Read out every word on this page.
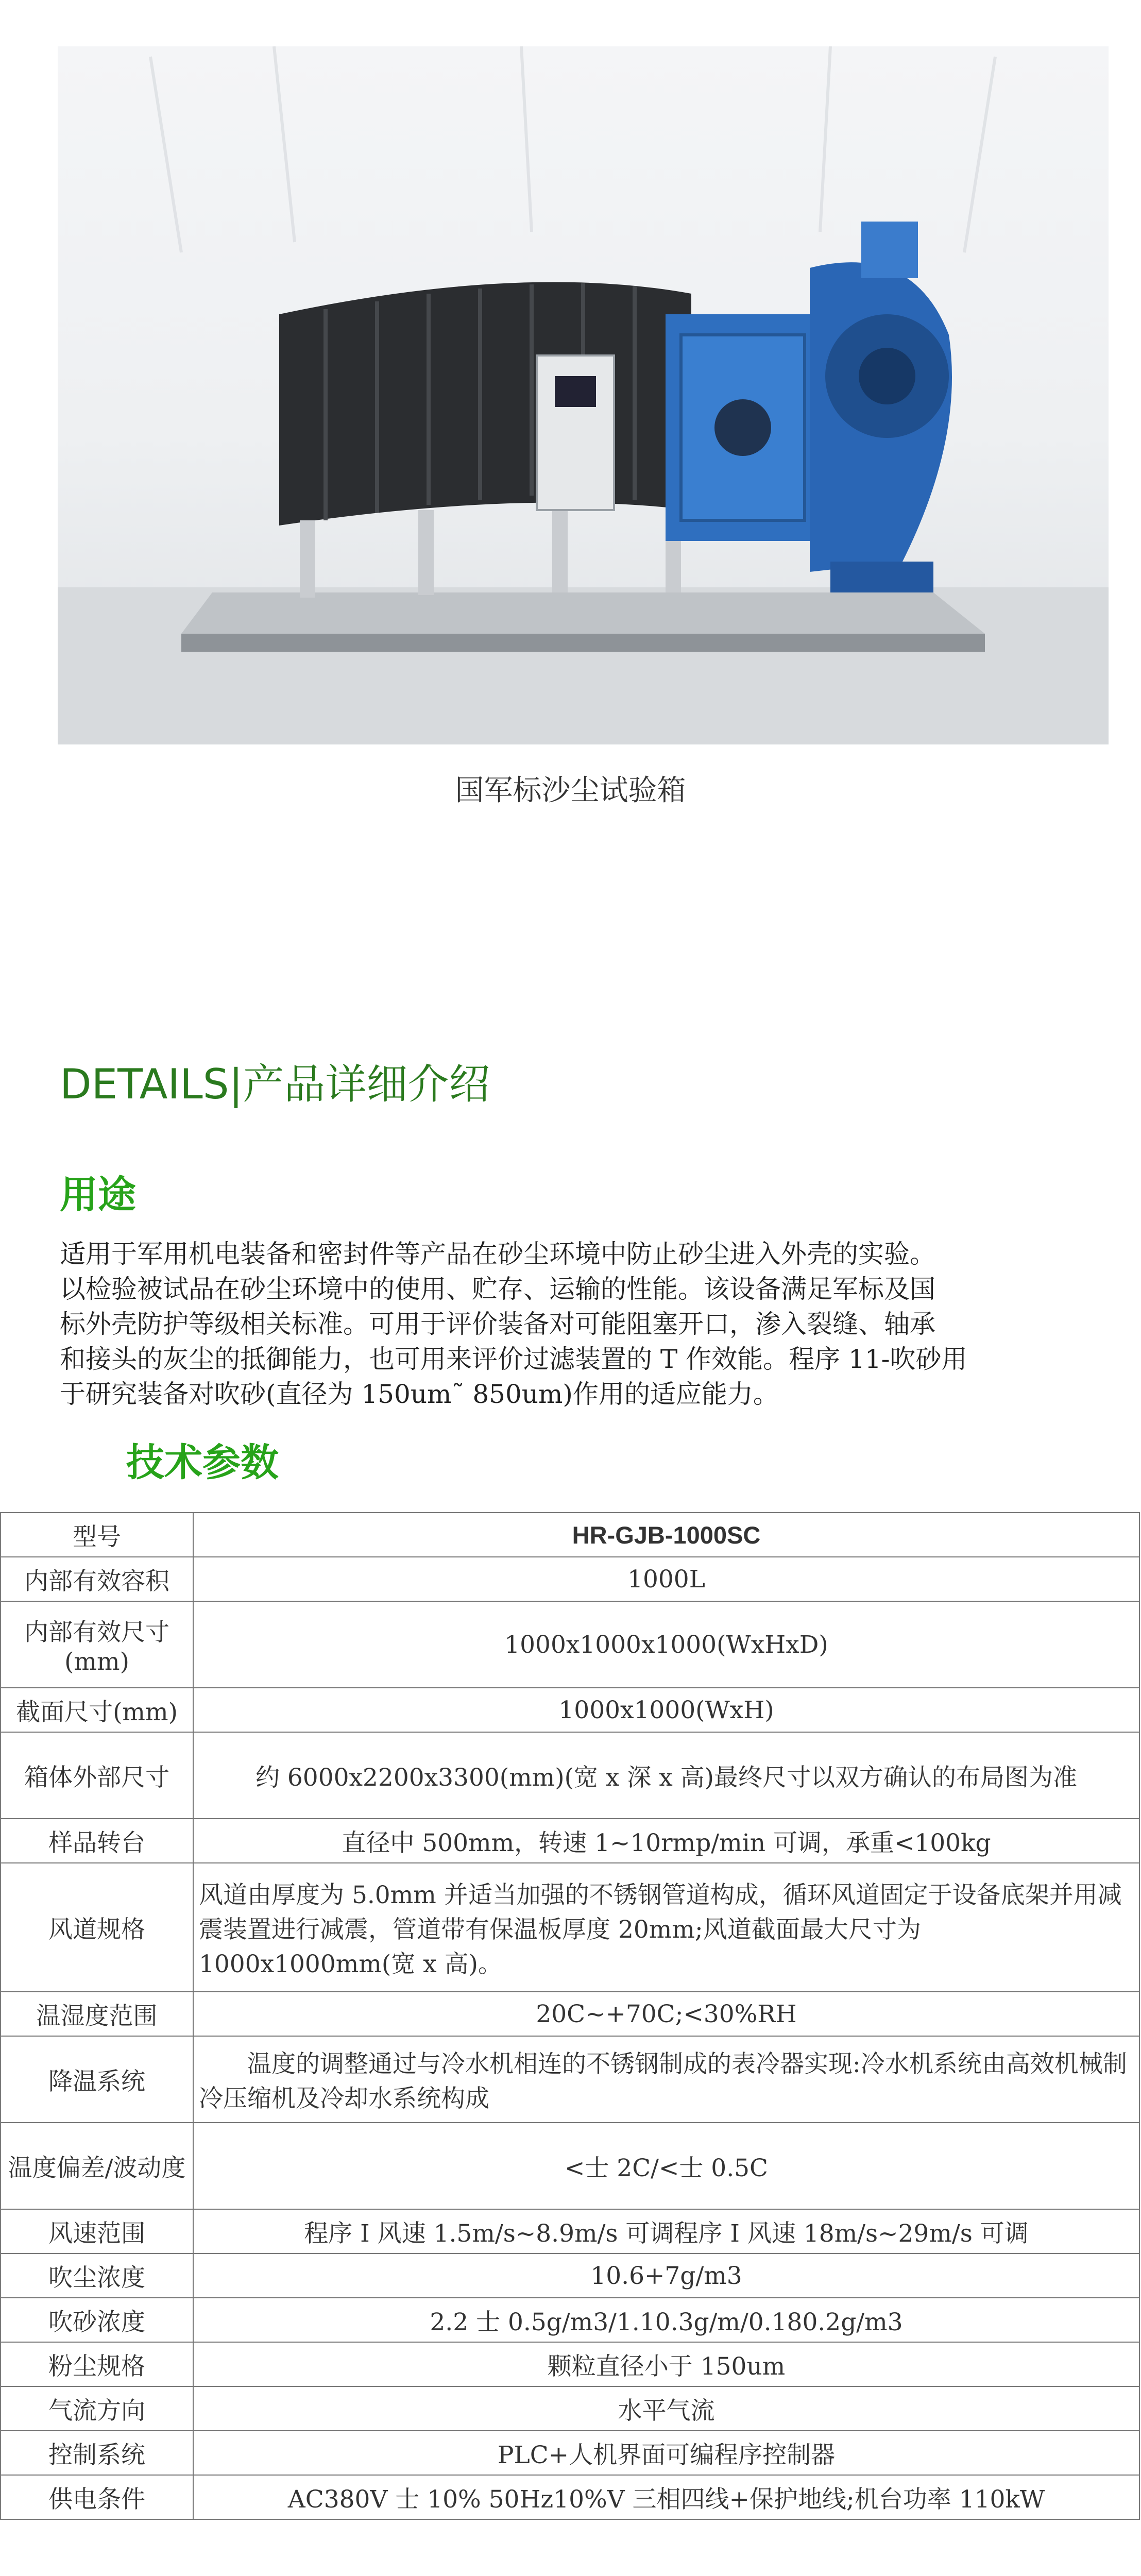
国军标沙尘试验箱
DETAILS|产品详细介绍
用途
适用于军用机电装备和密封件等产品在砂尘环境中防止砂尘进入外壳的实验。
以检验被试品在砂尘环境中的使用、贮存、运输的性能。该设备满足军标及国
标外壳防护等级相关标准。可用于评价装备对可能阻塞开口，渗入裂缝、轴承
和接头的灰尘的抵御能力，也可用来评价过滤装置的 T 作效能。程序 11-吹砂用
于研究装备对吹砂(直径为 150um˜ 850um)作用的适应能力。
技术参数
型号	HR-GJB-1000SC
内部有效容积	1000L
内部有效尺寸(mm)	1000x1000x1000(WxHxD)
截面尺寸(mm)	1000x1000(WxH)
箱体外部尺寸	约 6000x2200x3300(mm)(宽 x 深 x 高)最终尺寸以双方确认的布局图为准
样品转台	直径中 500mm，转速 1~10rmp/min 可调，承重<100kg
风道规格	风道由厚度为 5.0mm 并适当加强的不锈钢管道构成，循环风道固定于设备底架并用减震装置进行减震，管道带有保温板厚度 20mm;风道截面最大尺寸为 1000x1000mm(宽 x 高)。
温湿度范围	20C~+70C;<30%RH
降温系统	　　温度的调整通过与冷水机相连的不锈钢制成的表冷器实现:冷水机系统由高效机械制冷压缩机及冷却水系统构成
温度偏差/波动度	<士 2C/<士 0.5C
风速范围	程序 I 风速 1.5m/s~8.9m/s 可调程序 I 风速 18m/s~29m/s 可调
吹尘浓度	10.6+7g/m3
吹砂浓度	2.2 士 0.5g/m3/1.10.3g/m/0.180.2g/m3
粉尘规格	颗粒直径小于 150um
气流方向	水平气流
控制系统	PLC+人机界面可编程序控制器
供电条件	AC380V 士 10% 50Hz10%V 三相四线+保护地线;机台功率 110kW
